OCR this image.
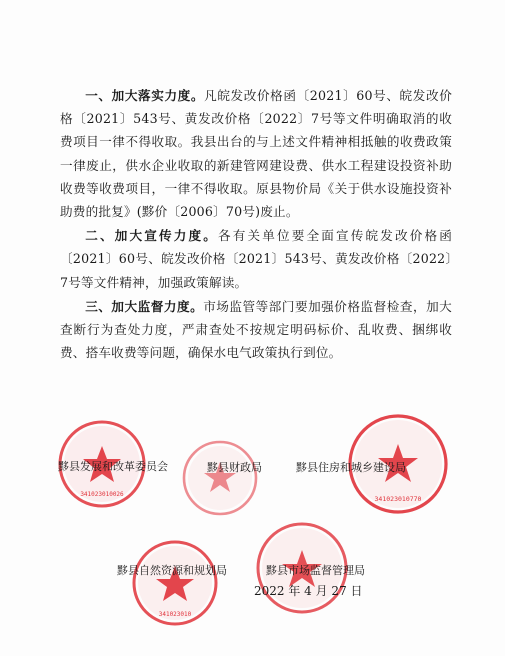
一、加大落实力度。凡皖发改价格函〔2021〕60号、皖发改价格〔2021〕543号、黄发改价格〔2022〕7号等文件明确取消的收费项目一律不得收取。我县出台的与上述文件精神相抵触的收费政策一律废止，供水企业收取的新建管网建设费、供水工程建设投资补助收费等收费项目，一律不得收取。原县物价局《关于供水设施投资补助费的批复》(黟价〔2006〕70号)废止。

二、加大宣传力度。各有关单位要全面宣传皖发改价格函〔2021〕60号、皖发改价格〔2021〕543号、黄发改价格〔2022〕7号等文件精神，加强政策解读。

三、加大监督力度。市场监管等部门要加强价格监督检查，加大查断行为查处力度，严肃查处不按规定明码标价、乱收费、捆绑收费、搭车收费等问题，确保水电气政策执行到位。

341023010026
341023010770
341023010
黟县发展和改革委员会	黟县财政局	黟县住房和城乡建设局
黟县自然资源和规划局	黟县市场监督管理局
2022 年 4 月 27 日
